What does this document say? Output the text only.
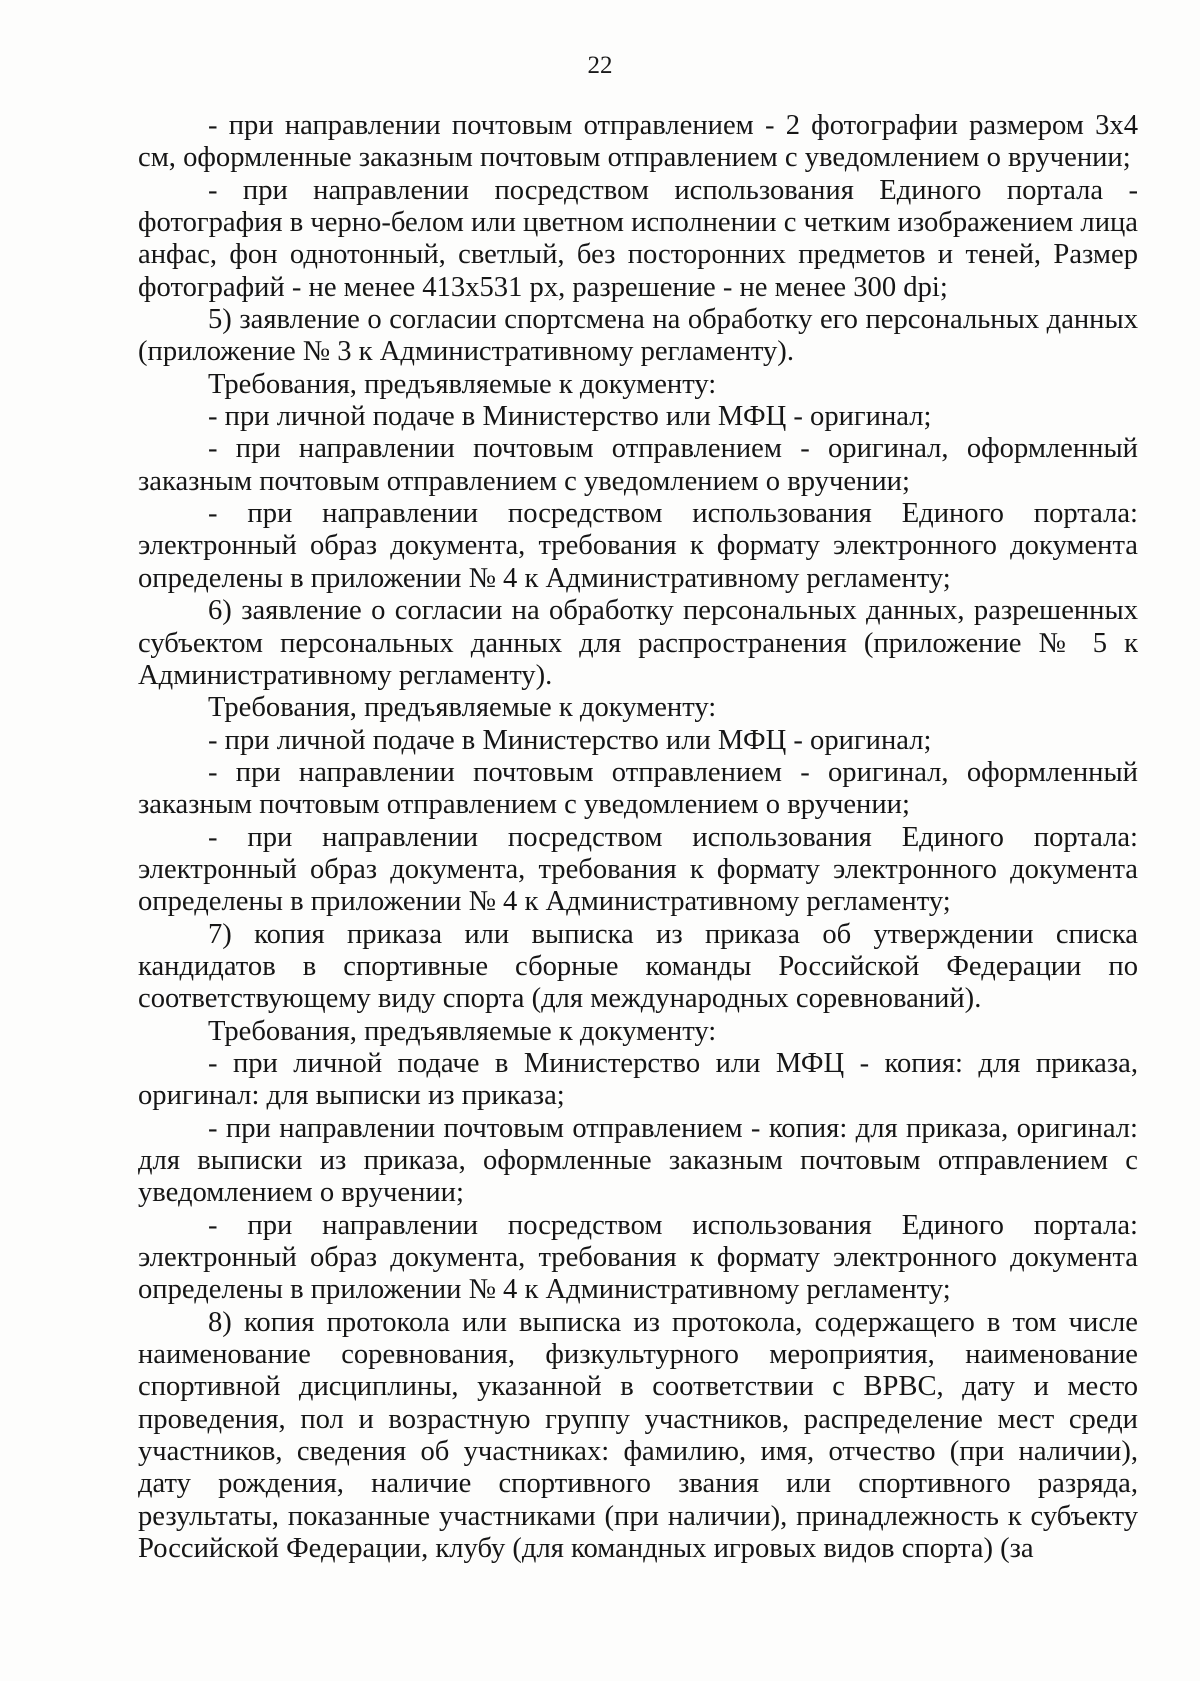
22

- при направлении почтовым отправлением - 2 фотографии размером 3х4 см, оформленные заказным почтовым отправлением с уведомлением о вручении;

- при направлении посредством использования Единого портала - фотография в черно-белом или цветном исполнении с четким изображением лица анфас, фон однотонный, светлый, без посторонних предметов и теней, Размер фотографий - не менее 413х531 px, разрешение - не менее 300 dpi;

5) заявление о согласии спортсмена на обработку его персональных данных (приложение № 3 к Административному регламенту).

Требования, предъявляемые к документу:

- при личной подаче в Министерство или МФЦ - оригинал;

- при направлении почтовым отправлением - оригинал, оформленный заказным почтовым отправлением с уведомлением о вручении;

- при направлении посредством использования Единого портала: электронный образ документа, требования к формату электронного документа определены в приложении № 4 к Административному регламенту;

6) заявление о согласии на обработку персональных данных, разрешенных субъектом персональных данных для распространения (приложение № 5 к Административному регламенту).

Требования, предъявляемые к документу:

- при личной подаче в Министерство или МФЦ - оригинал;

- при направлении почтовым отправлением - оригинал, оформленный заказным почтовым отправлением с уведомлением о вручении;

- при направлении посредством использования Единого портала: электронный образ документа, требования к формату электронного документа определены в приложении № 4 к Административному регламенту;

7) копия приказа или выписка из приказа об утверждении списка кандидатов в спортивные сборные команды Российской Федерации по соответствующему виду спорта (для международных соревнований).

Требования, предъявляемые к документу:

- при личной подаче в Министерство или МФЦ - копия: для приказа, оригинал: для выписки из приказа;

- при направлении почтовым отправлением - копия: для приказа, оригинал: для выписки из приказа, оформленные заказным почтовым отправлением с уведомлением о вручении;

- при направлении посредством использования Единого портала: электронный образ документа, требования к формату электронного документа определены в приложении № 4 к Административному регламенту;

8) копия протокола или выписка из протокола, содержащего в том числе наименование соревнования, физкультурного мероприятия, наименование спортивной дисциплины, указанной в соответствии с ВРВС, дату и место проведения, пол и возрастную группу участников, распределение мест среди участников, сведения об участниках: фамилию, имя, отчество (при наличии), дату рождения, наличие спортивного звания или спортивного разряда, результаты, показанные участниками (при наличии), принадлежность к субъекту Российской Федерации, клубу (для командных игровых видов спорта) (за
